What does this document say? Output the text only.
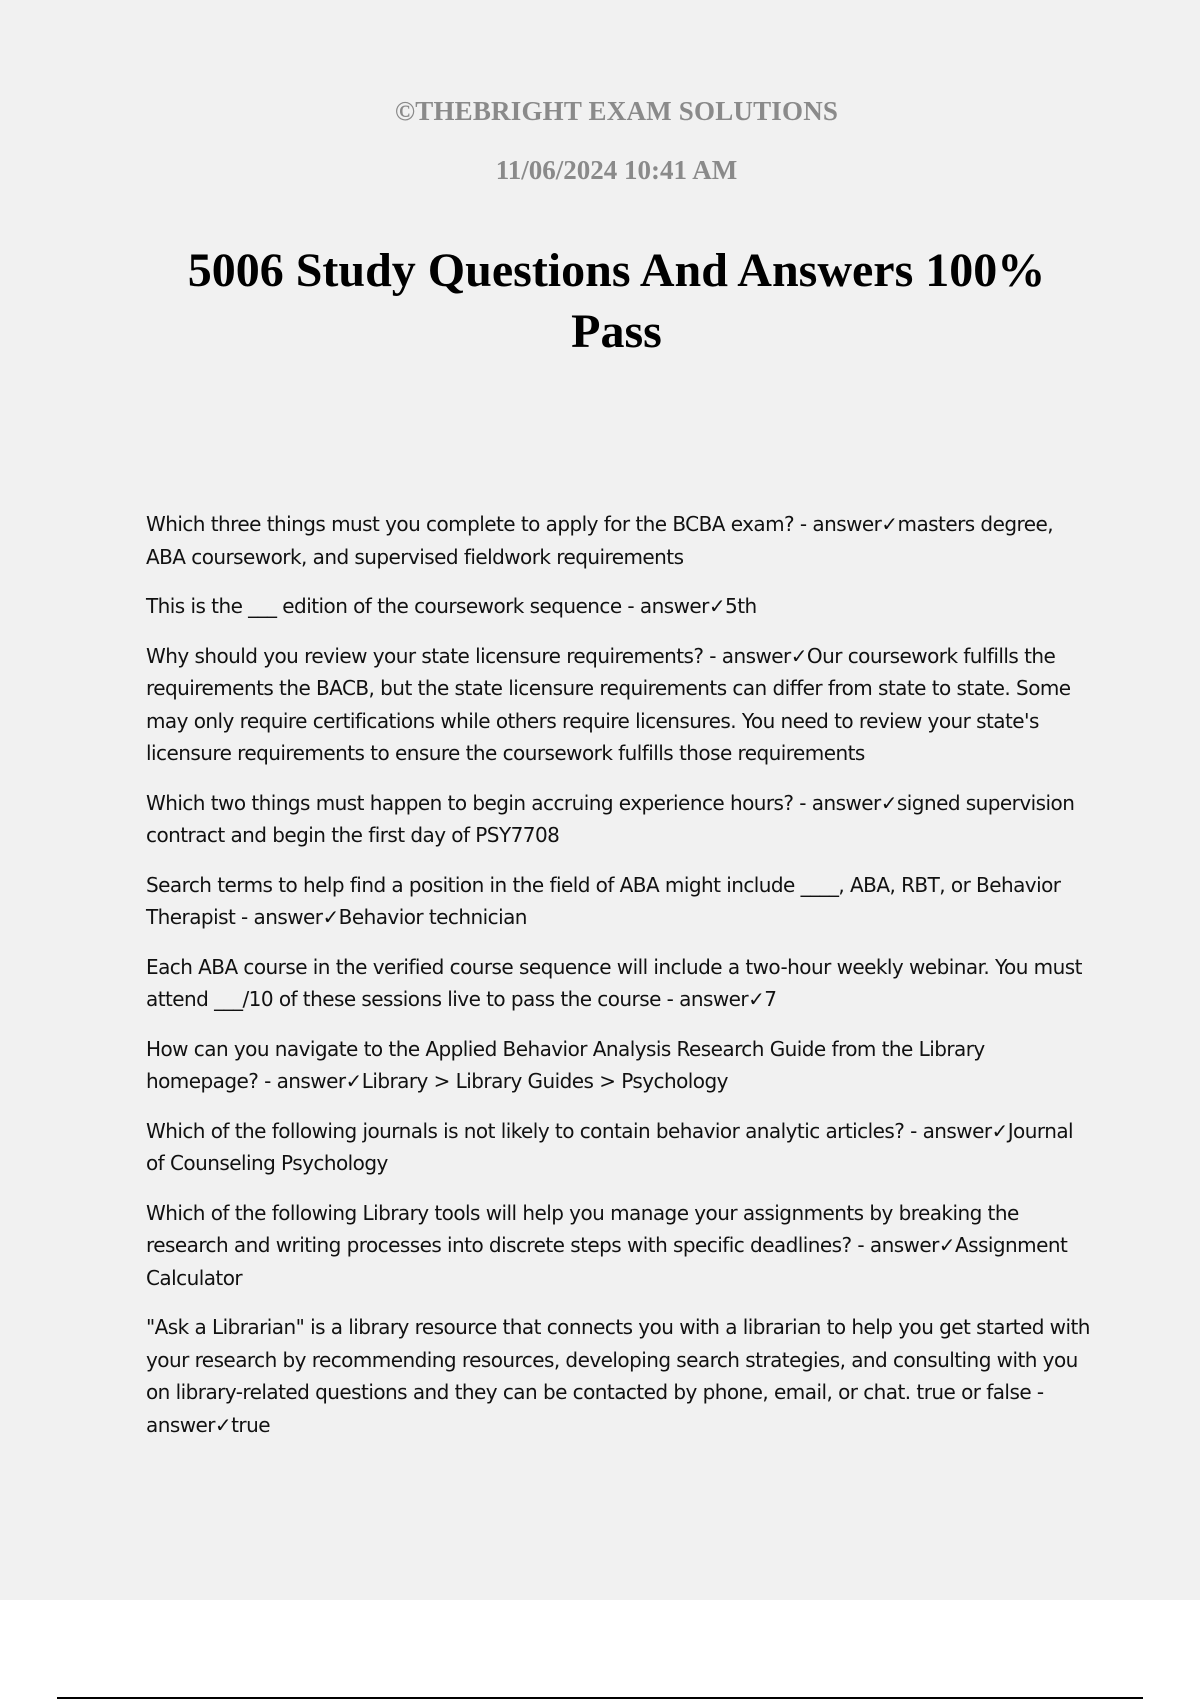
©THEBRIGHT EXAM SOLUTIONS
11/06/2024 10:41 AM
5006 Study Questions And Answers 100% Pass
Which three things must you complete to apply for the BCBA exam? - answer✓masters degree, ABA coursework, and supervised fieldwork requirements
This is the ___ edition of the coursework sequence - answer✓5th
Why should you review your state licensure requirements? - answer✓Our coursework fulfills the requirements the BACB, but the state licensure requirements can differ from state to state. Some may only require certifications while others require licensures. You need to review your state's licensure requirements to ensure the coursework fulfills those requirements
Which two things must happen to begin accruing experience hours? - answer✓signed supervision contract and begin the first day of PSY7708
Search terms to help find a position in the field of ABA might include ____, ABA, RBT, or Behavior Therapist - answer✓Behavior technician
Each ABA course in the verified course sequence will include a two-hour weekly webinar. You must attend ___/10 of these sessions live to pass the course - answer✓7
How can you navigate to the Applied Behavior Analysis Research Guide from the Library homepage? - answer✓Library > Library Guides > Psychology
Which of the following journals is not likely to contain behavior analytic articles? - answer✓Journal of Counseling Psychology
Which of the following Library tools will help you manage your assignments by breaking the research and writing processes into discrete steps with specific deadlines? - answer✓Assignment Calculator
"Ask a Librarian" is a library resource that connects you with a librarian to help you get started with your research by recommending resources, developing search strategies, and consulting with you on library-related questions and they can be contacted by phone, email, or chat. true or false - answer✓true
